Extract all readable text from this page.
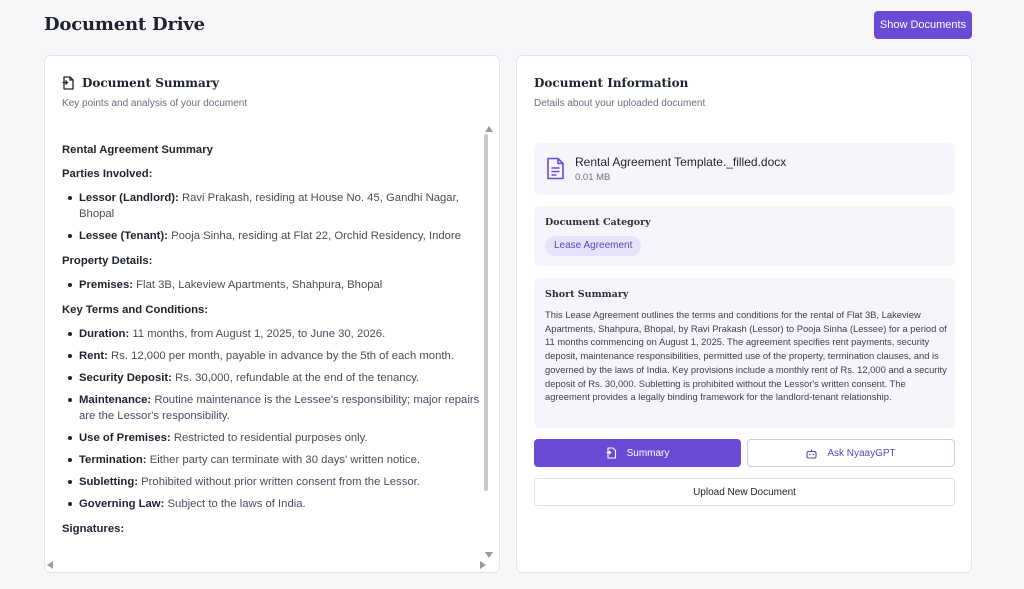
Document Drive	Show Documents
Document Summary
Key points and analysis of your document
Rental Agreement Summary
Parties Involved:
Lessor (Landlord): Ravi Prakash, residing at House No. 45, Gandhi Nagar, Bhopal
Lessee (Tenant): Pooja Sinha, residing at Flat 22, Orchid Residency, Indore
Property Details:
Premises: Flat 3B, Lakeview Apartments, Shahpura, Bhopal
Key Terms and Conditions:
Duration: 11 months, from August 1, 2025, to June 30, 2026.
Rent: Rs. 12,000 per month, payable in advance by the 5th of each month.
Security Deposit: Rs. 30,000, refundable at the end of the tenancy.
Maintenance: Routine maintenance is the Lessee's responsibility; major repairs are the Lessor's responsibility.
Use of Premises: Restricted to residential purposes only.
Termination: Either party can terminate with 30 days' written notice.
Subletting: Prohibited without prior written consent from the Lessor.
Governing Law: Subject to the laws of India.
Signatures:
Document Information
Details about your uploaded document
Rental Agreement Template._filled.docx
0.01 MB
Document Category
Lease Agreement
Short Summary
This Lease Agreement outlines the terms and conditions for the rental of Flat 3B, Lakeview Apartments, Shahpura, Bhopal, by Ravi Prakash (Lessor) to Pooja Sinha (Lessee) for a period of 11 months commencing on August 1, 2025. The agreement specifies rent payments, security deposit, maintenance responsibilities, permitted use of the property, termination clauses, and is governed by the laws of India. Key provisions include a monthly rent of Rs. 12,000 and a security deposit of Rs. 30,000. Subletting is prohibited without the Lessor's written consent. The agreement provides a legally binding framework for the landlord-tenant relationship.
Summary	Ask NyaayGPT
Upload New Document
